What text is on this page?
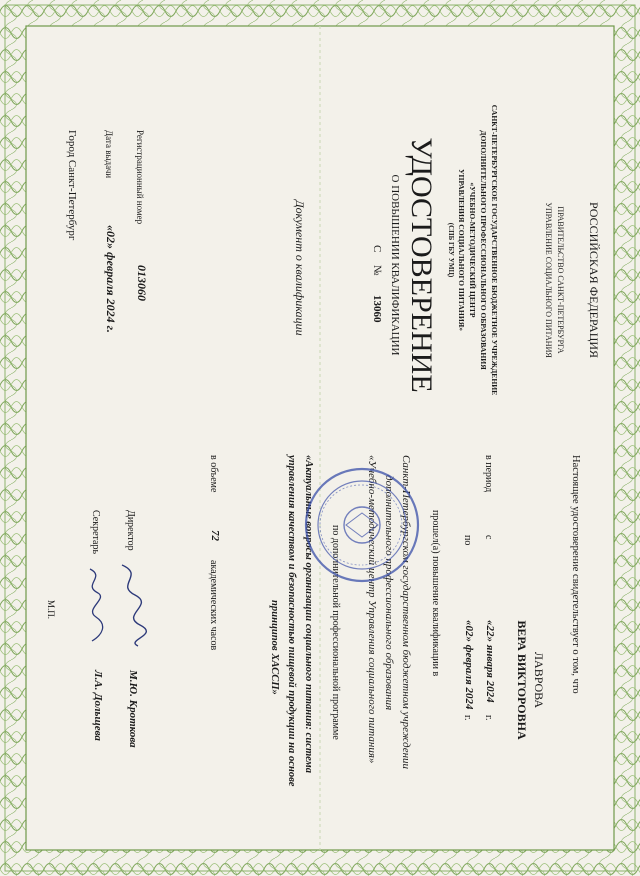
РОССИЙСКАЯ ФЕДЕРАЦИЯ
ПРАВИТЕЛЬСТВО САНКТ-ПЕТЕРБУРГА
УПРАВЛЕНИЕ СОЦИАЛЬНОГО ПИТАНИЯ
САНКТ-ПЕТЕРБУРГСКОЕ ГОСУДАРСТВЕННОЕ БЮДЖЕТНОЕ УЧРЕЖДЕНИЕ
ДОПОЛНИТЕЛЬНОГО ПРОФЕССИОНАЛЬНОГО ОБРАЗОВАНИЯ
«УЧЕБНО-МЕТОДИЧЕСКИЙ ЦЕНТР
УПРАВЛЕНИЯ СОЦИАЛЬНОГО ПИТАНИЯ»
(СПБ ГБУ УМЦ)
УДОСТОВЕРЕНИЕ
О ПОВЫШЕНИИ КВАЛИФИКАЦИИ
С
№
13060
Документ о квалификации
Регистрационный номер
013060
Дата выдачи
«02» февраля 2024 г.
Город Санкт-Петербург
Настоящее удостоверение свидетельствует о том, что
ЛАВРОВА
ВЕРА ВИКТОРОВНА
в период
с
«22» января 2024
г.
по
«02» февраля 2024
г.
прошел(а) повышение квалификации в
Санкт-Петербургском государственном бюджетном учреждении
дополнительного профессионального образования
«Учебно-методический центр Управления социального питания»
по дополнительной профессиональной программе
«Актуальные вопросы организации социального питания: система
управления качеством и безопасностью пищевой продукции на основе
принципов ХАССП»
в объеме
72
академических часов
Директор
М.Ю. Кроткова
Секретарь
Л.А. Дольщева
М.П.
